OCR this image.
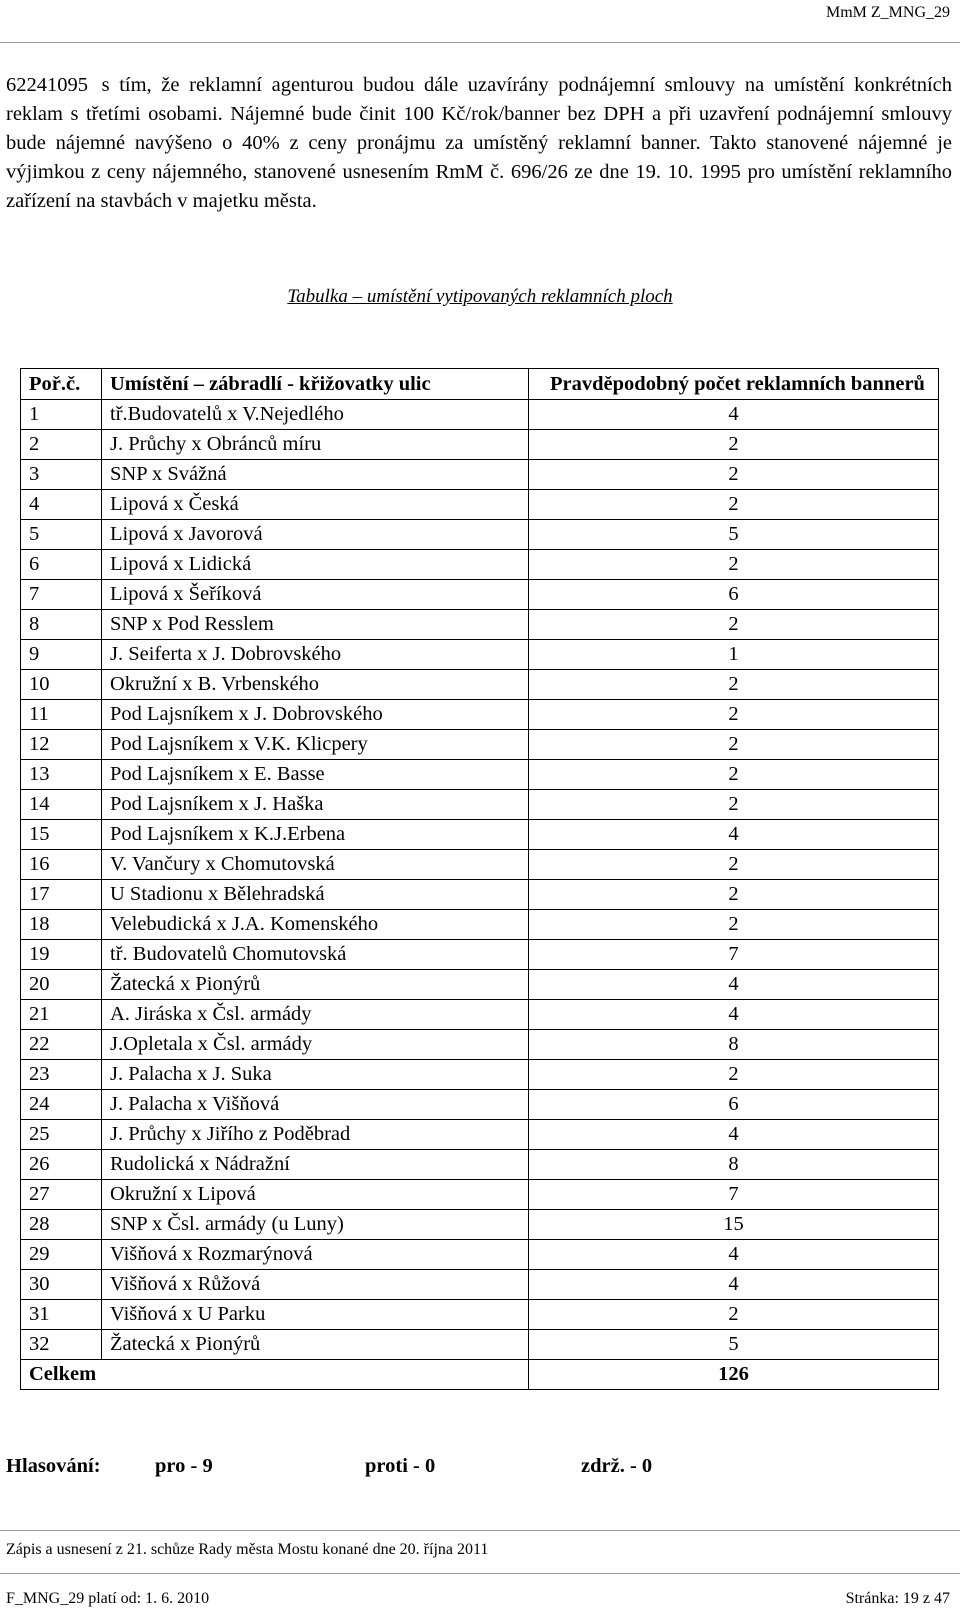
MmM Z_MNG_29
62241095 s tím, že reklamní agenturou budou dále uzavírány podnájemní smlouvy na umístění konkrétních reklam s třetími osobami. Nájemné bude činit 100 Kč/rok/banner bez DPH a při uzavření podnájemní smlouvy bude nájemné navýšeno o 40% z ceny pronájmu za umístěný reklamní banner. Takto stanovené nájemné je výjimkou z ceny nájemného, stanovené usnesením RmM č. 696/26 ze dne 19. 10. 1995 pro umístění reklamního zařízení na stavbách v majetku města.
Tabulka – umístění vytipovaných reklamních ploch
Poř.č.	Umístění – zábradlí - křižovatky ulic	Pravděpodobný počet reklamních bannerů
1	tř.Budovatelů x V.Nejedlého	4
2	J. Průchy x Obránců míru	2
3	SNP x Svážná	2
4	Lipová x Česká	2
5	Lipová x Javorová	5
6	Lipová x Lidická	2
7	Lipová x Šeříková	6
8	SNP x Pod Resslem	2
9	J. Seiferta x J. Dobrovského	1
10	Okružní x B. Vrbenského	2
11	Pod Lajsníkem x J. Dobrovského	2
12	Pod Lajsníkem x V.K. Klicpery	2
13	Pod Lajsníkem x E. Basse	2
14	Pod Lajsníkem x J. Haška	2
15	Pod Lajsníkem x K.J.Erbena	4
16	V. Vančury x Chomutovská	2
17	U Stadionu x Bělehradská	2
18	Velebudická x J.A. Komenského	2
19	tř. Budovatelů Chomutovská	7
20	Žatecká x Pionýrů	4
21	A. Jiráska x Čsl. armády	4
22	J.Opletala x Čsl. armády	8
23	J. Palacha x J. Suka	2
24	J. Palacha x Višňová	6
25	J. Průchy x Jiřího z Poděbrad	4
26	Rudolická x Nádražní	8
27	Okružní x Lipová	7
28	SNP x Čsl. armády (u Luny)	15
29	Višňová x Rozmarýnová	4
30	Višňová x Růžová	4
31	Višňová x U Parku	2
32	Žatecká x Pionýrů	5
Celkem		126
Hlasování:	pro - 9	proti - 0	zdrž. - 0
Zápis a usnesení z 21. schůze Rady města Mostu konané dne 20. října 2011
F_MNG_29 platí od: 1. 6. 2010	Stránka: 19 z 47
